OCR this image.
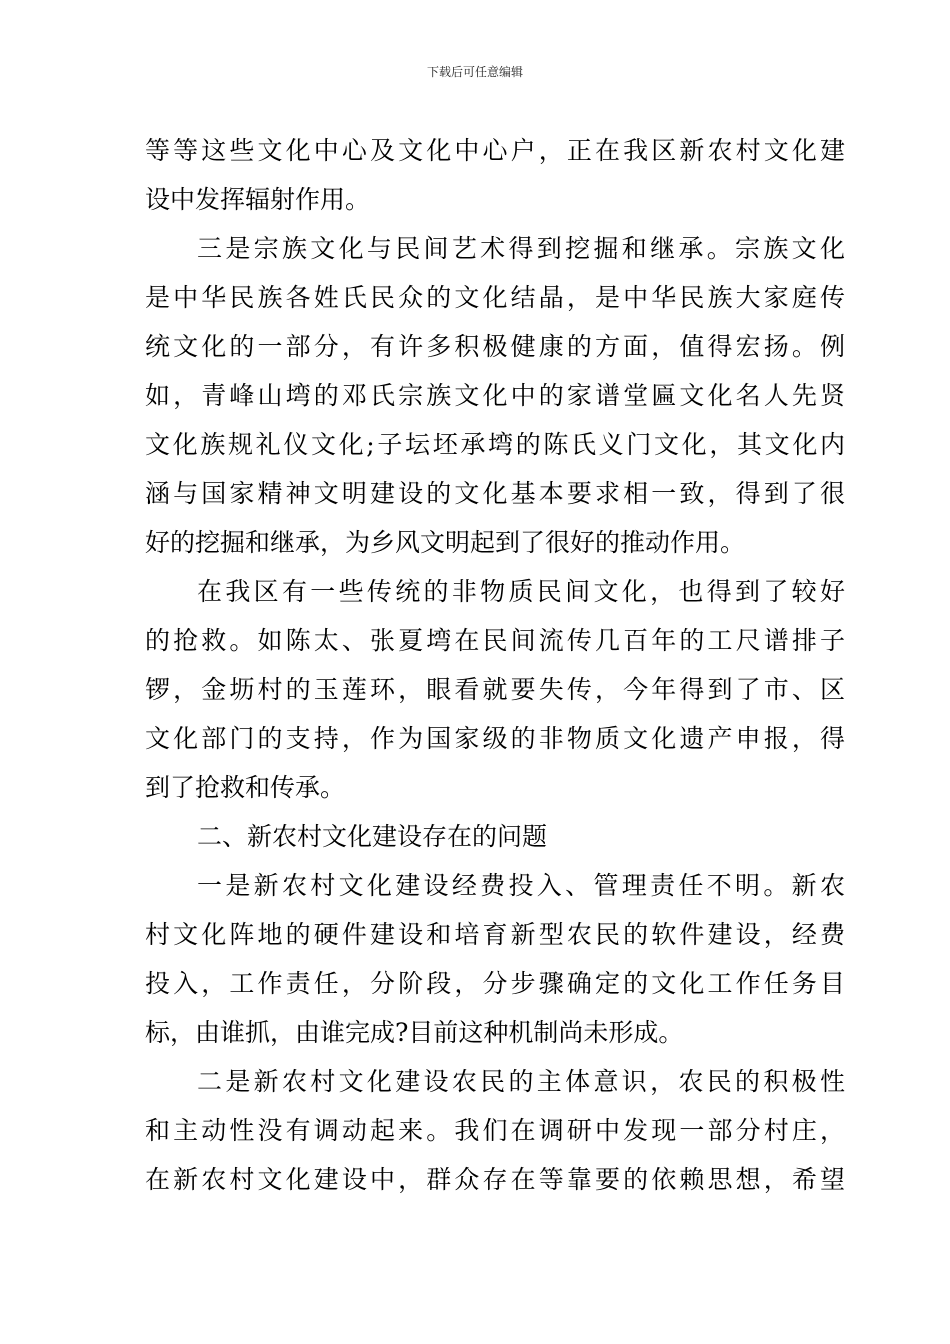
下载后可任意编辑
等等这些文化中心及文化中心户，正在我区新农村文化建
设中发挥辐射作用。
三是宗族文化与民间艺术得到挖掘和继承。宗族文化
是中华民族各姓氏民众的文化结晶，是中华民族大家庭传
统文化的一部分，有许多积极健康的方面，值得宏扬。例
如，青峰山塆的邓氏宗族文化中的家谱堂匾文化名人先贤
文化族规礼仪文化;子坛坯承塆的陈氏义门文化，其文化内
涵与国家精神文明建设的文化基本要求相一致，得到了很
好的挖掘和继承，为乡风文明起到了很好的推动作用。
在我区有一些传统的非物质民间文化，也得到了较好
的抢救。如陈太、张夏塆在民间流传几百年的工尺谱排子
锣，金坜村的玉莲环，眼看就要失传，今年得到了市、区
文化部门的支持，作为国家级的非物质文化遗产申报，得
到了抢救和传承。
二、新农村文化建设存在的问题
一是新农村文化建设经费投入、管理责任不明。新农
村文化阵地的硬件建设和培育新型农民的软件建设，经费
投入，工作责任，分阶段，分步骤确定的文化工作任务目
标，由谁抓，由谁完成?目前这种机制尚未形成。
二是新农村文化建设农民的主体意识，农民的积极性
和主动性没有调动起来。我们在调研中发现一部分村庄，
在新农村文化建设中，群众存在等靠要的依赖思想，希望
